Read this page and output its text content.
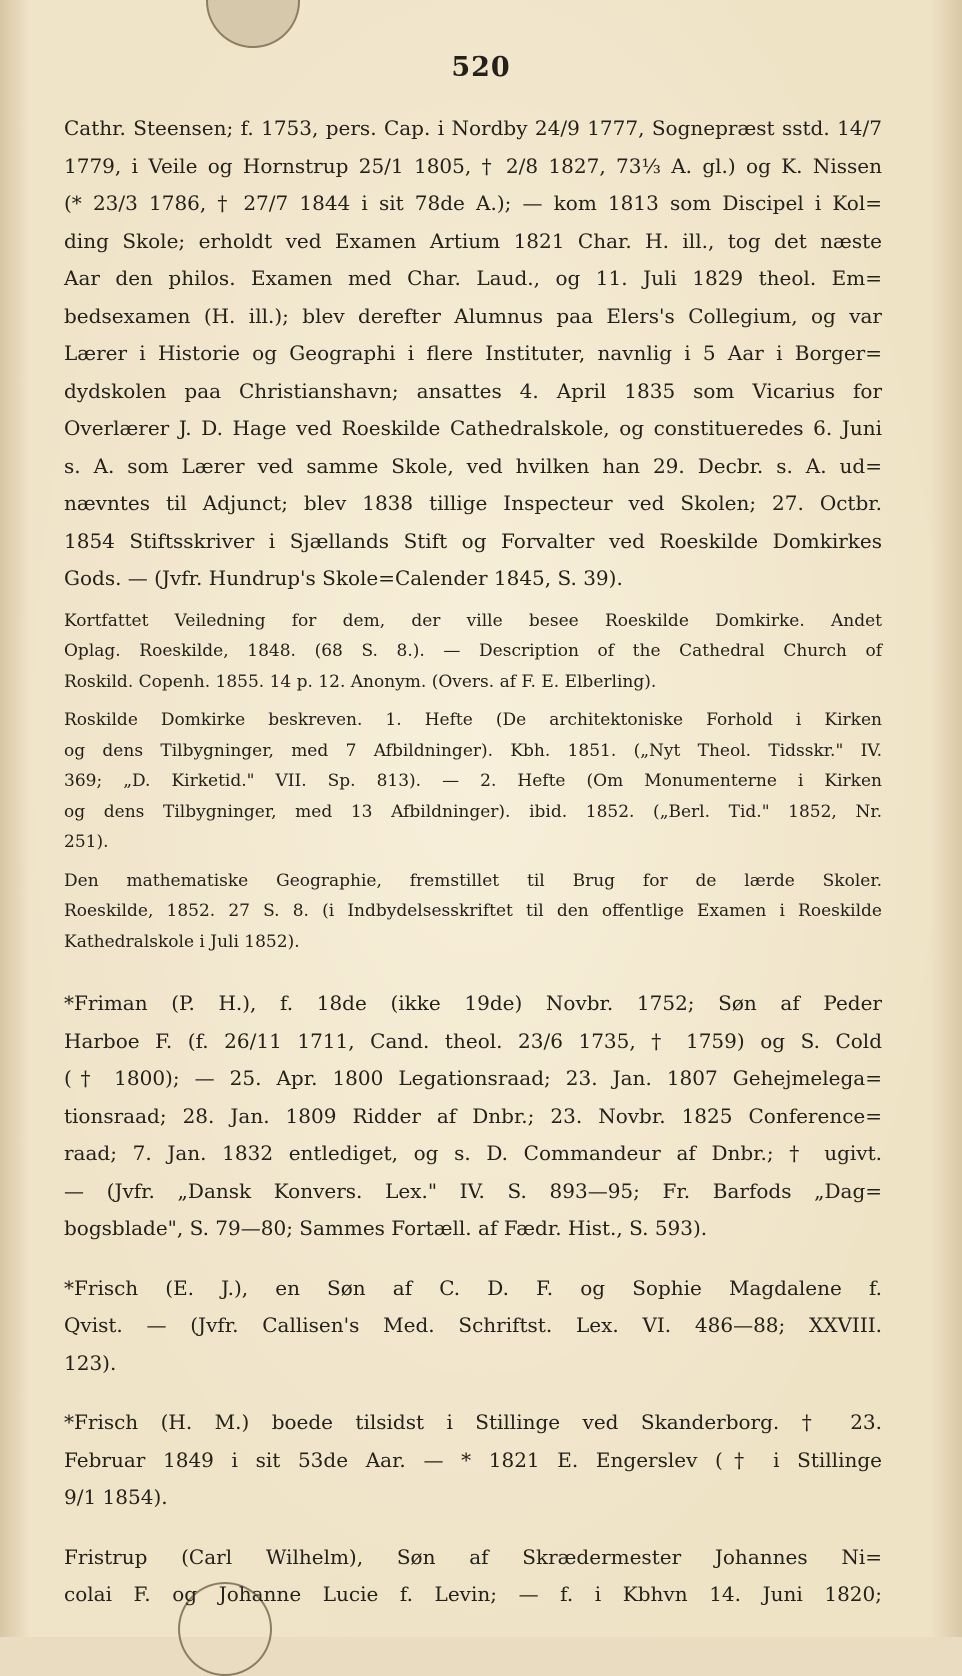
520
Cathr. Steensen; f. 1753, pers. Cap. i Nordby 24/9 1777, Sognepræst sstd. 14/7
1779, i Veile og Hornstrup 25/1 1805, † 2/8 1827, 73⅓ A. gl.) og K. Nissen
(* 23/3 1786, † 27/7 1844 i sit 78de A.); — kom 1813 som Discipel i Kol=
ding Skole; erholdt ved Examen Artium 1821 Char. H. ill., tog det næste
Aar den philos. Examen med Char. Laud., og 11. Juli 1829 theol. Em=
bedsexamen (H. ill.); blev derefter Alumnus paa Elers's Collegium, og var
Lærer i Historie og Geographi i flere Instituter, navnlig i 5 Aar i Borger=
dydskolen paa Christianshavn; ansattes 4. April 1835 som Vicarius for
Overlærer J. D. Hage ved Roeskilde Cathedralskole, og constitueredes 6. Juni
s. A. som Lærer ved samme Skole, ved hvilken han 29. Decbr. s. A. ud=
nævntes til Adjunct; blev 1838 tillige Inspecteur ved Skolen; 27. Octbr.
1854 Stiftsskriver i Sjællands Stift og Forvalter ved Roeskilde Domkirkes
Gods. — (Jvfr. Hundrup's Skole=Calender 1845, S. 39).
Kortfattet Veiledning for dem, der ville besee Roeskilde Domkirke. Andet
Oplag. Roeskilde, 1848. (68 S. 8.). — Description of the Cathedral Church of
Roskild. Copenh. 1855. 14 p. 12. Anonym. (Overs. af F. E. Elberling).
Roskilde Domkirke beskreven. 1. Hefte (De architektoniske Forhold i Kirken
og dens Tilbygninger, med 7 Afbildninger). Kbh. 1851. („Nyt Theol. Tidsskr." IV.
369; „D. Kirketid." VII. Sp. 813). — 2. Hefte (Om Monumenterne i Kirken
og dens Tilbygninger, med 13 Afbildninger). ibid. 1852. („Berl. Tid." 1852, Nr.
251).
Den mathematiske Geographie, fremstillet til Brug for de lærde Skoler.
Roeskilde, 1852. 27 S. 8. (i Indbydelsesskriftet til den offentlige Examen i Roeskilde
Kathedralskole i Juli 1852).
*Friman (P. H.), f. 18de (ikke 19de) Novbr. 1752; Søn af Peder
Harboe F. (f. 26/11 1711, Cand. theol. 23/6 1735, † 1759) og S. Cold
(† 1800); — 25. Apr. 1800 Legationsraad; 23. Jan. 1807 Gehejmelega=
tionsraad; 28. Jan. 1809 Ridder af Dnbr.; 23. Novbr. 1825 Conference=
raad; 7. Jan. 1832 entlediget, og s. D. Commandeur af Dnbr.; † ugivt.
— (Jvfr. „Dansk Konvers. Lex." IV. S. 893—95; Fr. Barfods „Dag=
bogsblade", S. 79—80; Sammes Fortæll. af Fædr. Hist., S. 593).
*Frisch (E. J.), en Søn af C. D. F. og Sophie Magdalene f.
Qvist. — (Jvfr. Callisen's Med. Schriftst. Lex. VI. 486—88; XXVIII.
123).
*Frisch (H. M.) boede tilsidst i Stillinge ved Skanderborg. † 23.
Februar 1849 i sit 53de Aar. — * 1821 E. Engerslev († i Stillinge
9/1 1854).
Fristrup (Carl Wilhelm), Søn af Skrædermester Johannes Ni=
colai F. og Johanne Lucie f. Levin; — f. i Kbhvn 14. Juni 1820;
